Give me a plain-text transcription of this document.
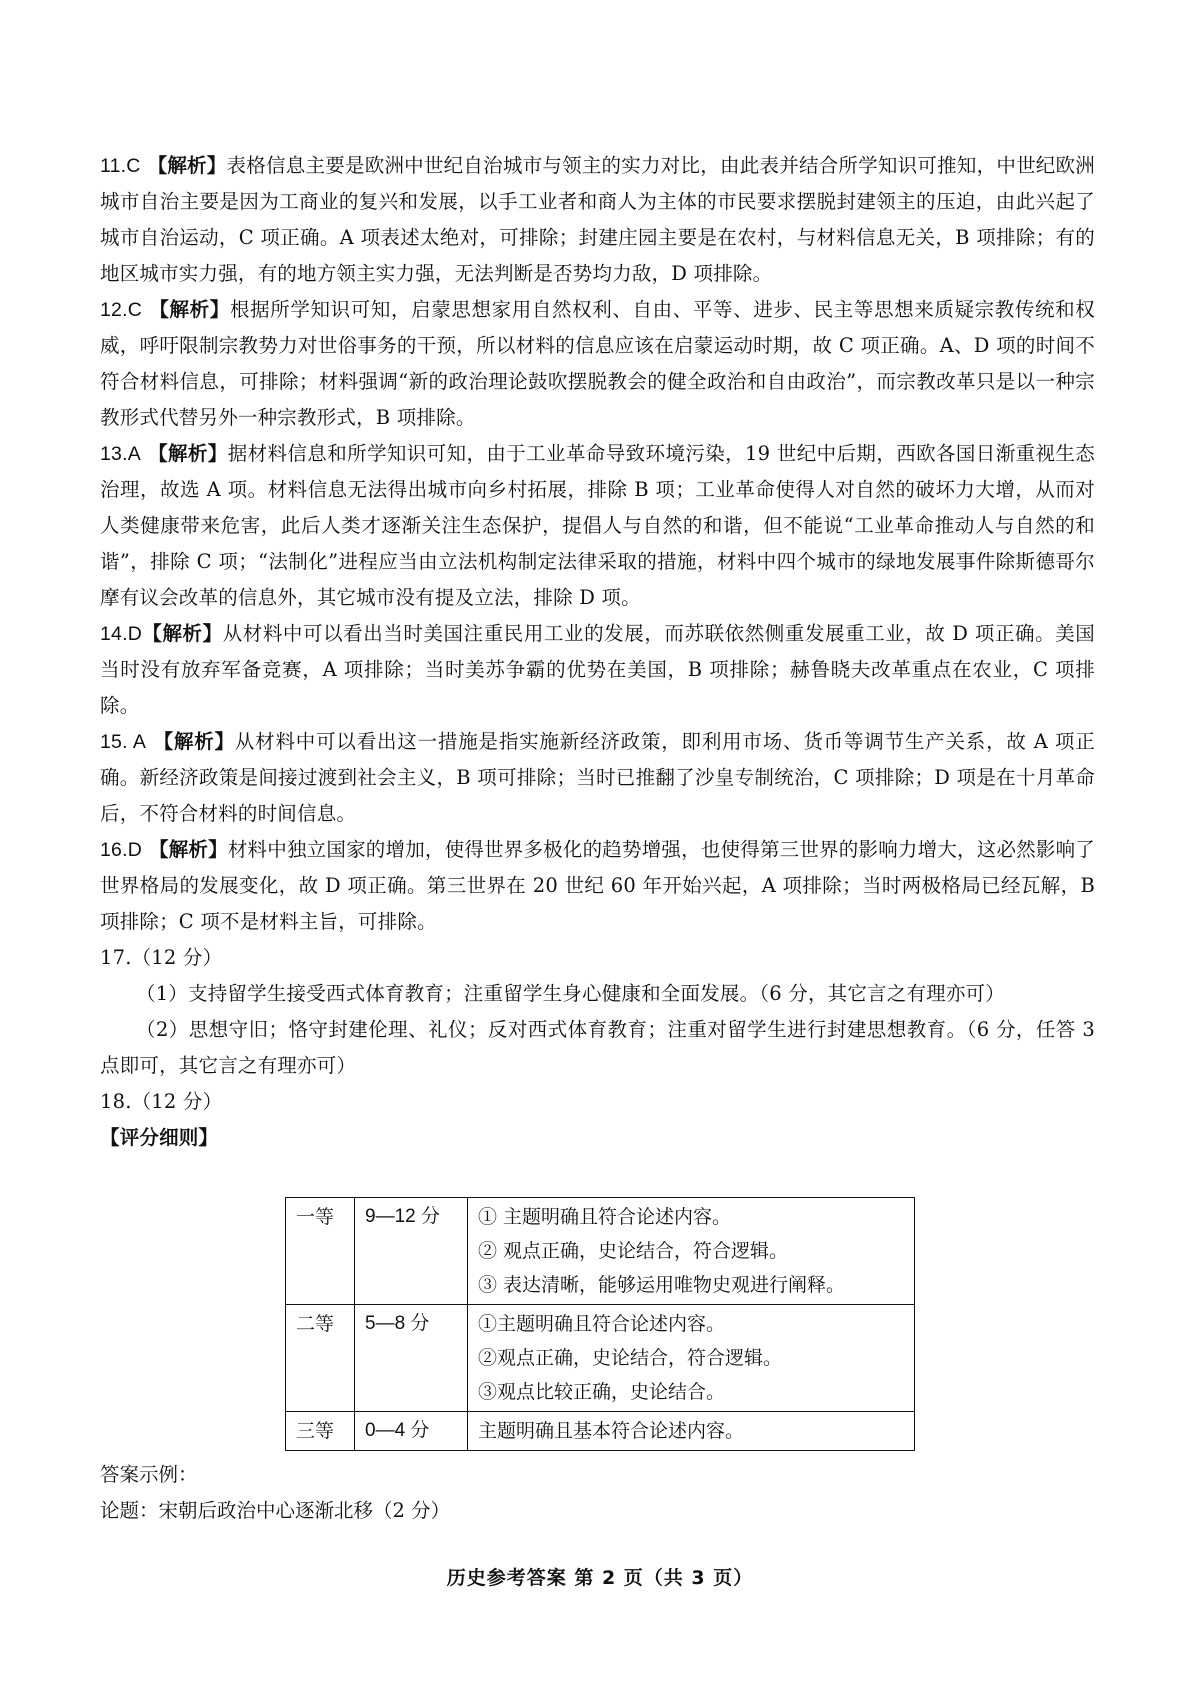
11.C 【解析】表格信息主要是欧洲中世纪自治城市与领主的实力对比，由此表并结合所学知识可推知，中世纪欧洲城市自治主要是因为工商业的复兴和发展，以手工业者和商人为主体的市民要求摆脱封建领主的压迫，由此兴起了城市自治运动，C 项正确。A 项表述太绝对，可排除；封建庄园主要是在农村，与材料信息无关，B 项排除；有的地区城市实力强，有的地方领主实力强，无法判断是否势均力敌，D 项排除。

12.C 【解析】根据所学知识可知，启蒙思想家用自然权利、自由、平等、进步、民主等思想来质疑宗教传统和权威，呼吁限制宗教势力对世俗事务的干预，所以材料的信息应该在启蒙运动时期，故 C 项正确。A、D 项的时间不符合材料信息，可排除；材料强调“新的政治理论鼓吹摆脱教会的健全政治和自由政治”，而宗教改革只是以一种宗教形式代替另外一种宗教形式，B 项排除。

13.A 【解析】据材料信息和所学知识可知，由于工业革命导致环境污染，19 世纪中后期，西欧各国日渐重视生态治理，故选 A 项。材料信息无法得出城市向乡村拓展，排除 B 项；工业革命使得人对自然的破坏力大增，从而对人类健康带来危害，此后人类才逐渐关注生态保护，提倡人与自然的和谐，但不能说“工业革命推动人与自然的和谐”，排除 C 项；“法制化”进程应当由立法机构制定法律采取的措施，材料中四个城市的绿地发展事件除斯德哥尔摩有议会改革的信息外，其它城市没有提及立法，排除 D 项。

14.D【解析】从材料中可以看出当时美国注重民用工业的发展，而苏联依然侧重发展重工业，故 D 项正确。美国当时没有放弃军备竞赛，A 项排除；当时美苏争霸的优势在美国，B 项排除；赫鲁晓夫改革重点在农业，C 项排除。

15. A 【解析】从材料中可以看出这一措施是指实施新经济政策，即利用市场、货币等调节生产关系，故 A 项正确。新经济政策是间接过渡到社会主义，B 项可排除；当时已推翻了沙皇专制统治，C 项排除；D 项是在十月革命后，不符合材料的时间信息。

16.D 【解析】材料中独立国家的增加，使得世界多极化的趋势增强，也使得第三世界的影响力增大，这必然影响了世界格局的发展变化，故 D 项正确。第三世界在 20 世纪 60 年开始兴起，A 项排除；当时两极格局已经瓦解，B 项排除；C 项不是材料主旨，可排除。

17.（12 分）

（1）支持留学生接受西式体育教育；注重留学生身心健康和全面发展。（6 分，其它言之有理亦可）

（2）思想守旧；恪守封建伦理、礼仪；反对西式体育教育；注重对留学生进行封建思想教育。（6 分，任答 3 点即可，其它言之有理亦可）

18.（12 分）

【评分细则】

一等	9—12 分	① 主题明确且符合论述内容。
② 观点正确，史论结合，符合逻辑。
③ 表达清晰，能够运用唯物史观进行阐释。

二等	5—8 分	①主题明确且符合论述内容。
②观点正确，史论结合，符合逻辑。
③观点比较正确，史论结合。

三等	0—4 分	主题明确且基本符合论述内容。

答案示例：

论题：宋朝后政治中心逐渐北移（2 分）

历史参考答案 第 2 页（共 3 页）
